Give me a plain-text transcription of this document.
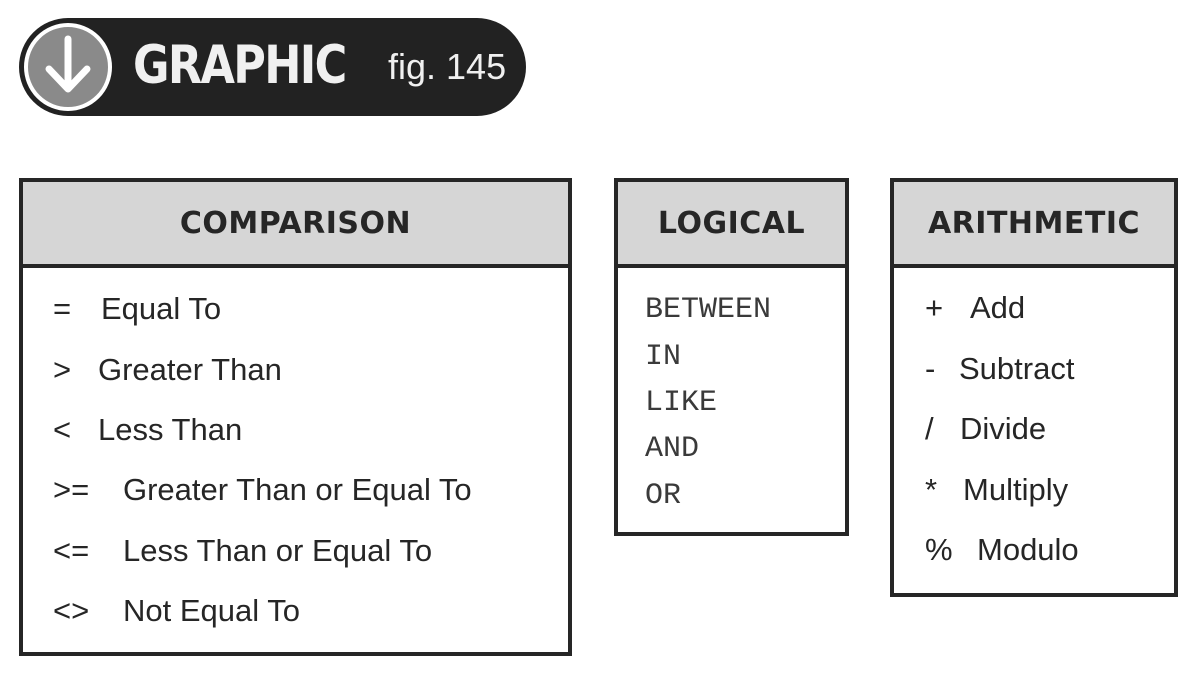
GRAPHIC fig. 145
COMPARISON
= Equal To
> Greater Than
< Less Than
>= Greater Than or Equal To
<= Less Than or Equal To
<> Not Equal To
LOGICAL
BETWEEN
IN
LIKE
AND
OR
ARITHMETIC
+ Add
- Subtract
/ Divide
* Multiply
% Modulo
